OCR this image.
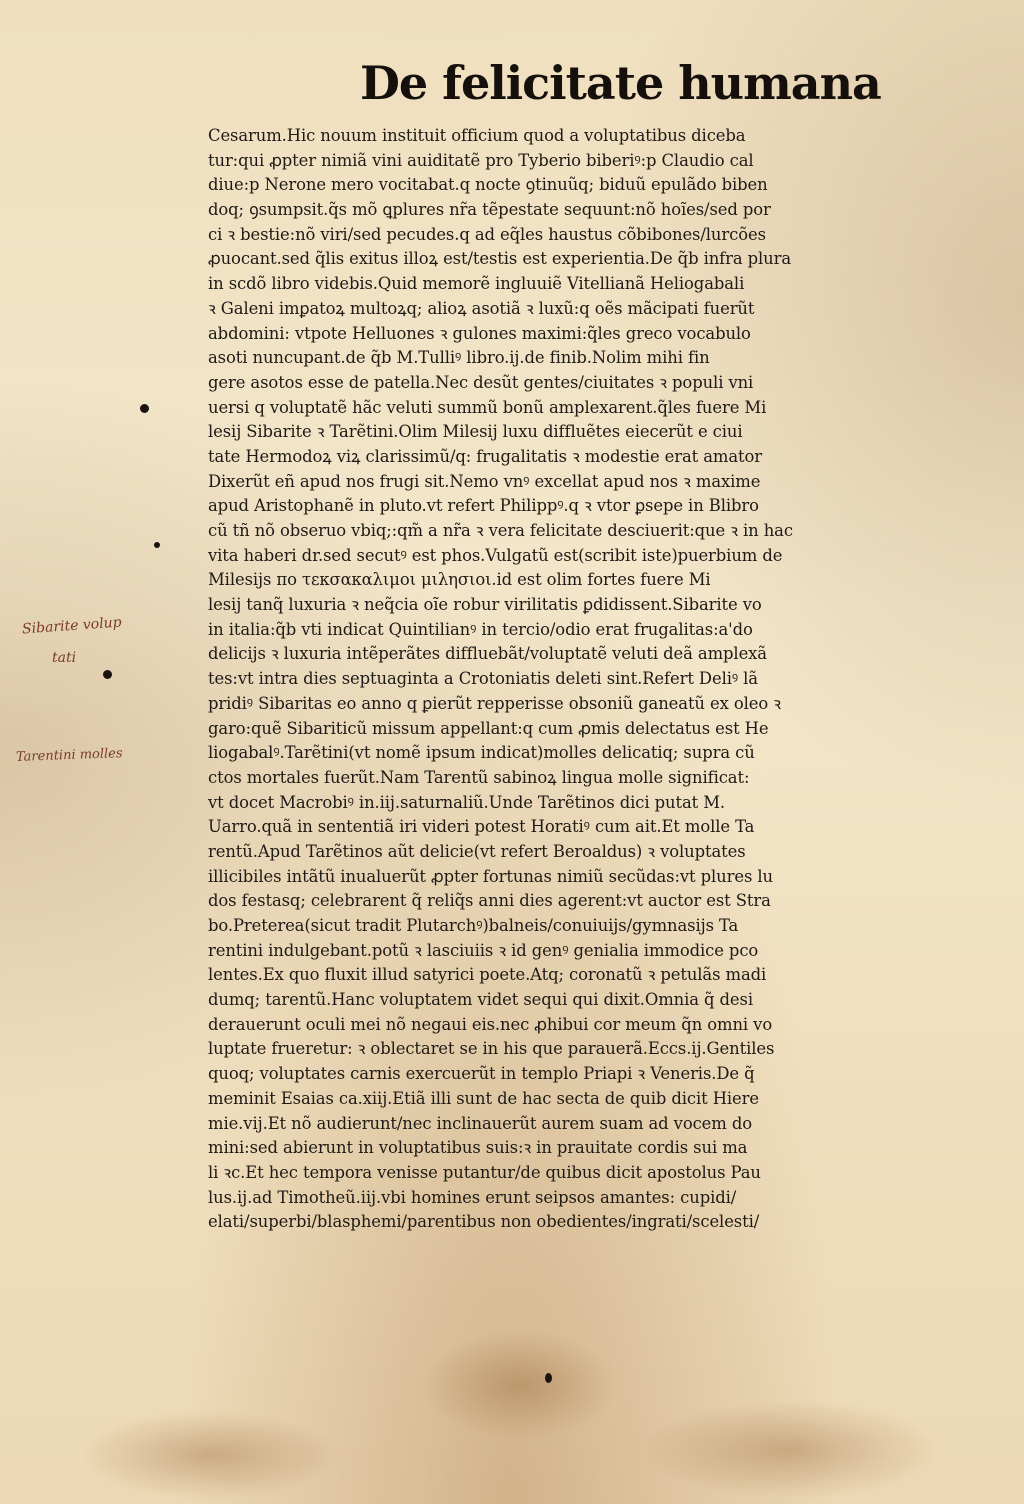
De felicitate humana
Cesarum.Hic nouum instituit officium quod a voluptatibus diceba
tur:qui ꝓpter nimiã vini auiditatẽ pro Tyberio biberiꝰ:p Claudio cal
diue:p Nerone mero vocitabat.q nocte ꝯtinuũq; biduũ epulãdo biben
doq; ꝯsumpsit.q̃s mõ ꝗplures nr̃a tẽpestate sequunt:nõ hoĩes/sed por
ci ꝛ bestie:nõ viri/sed pecudes.q ad eq̃les haustus cõbibones/lurcões
ꝓuocant.sed q̃lis exitus illoꝝ est/testis est experientia.De q̃b infra plura
in scdõ libro videbis.Quid memorẽ ingluuiẽ Vitellianã Heliogabali
ꝛ Galeni imꝑatoꝝ multoꝝq; alioꝝ asotiã ꝛ luxũ:q oẽs mãcipati fuerũt
abdomini: vtpote Helluones ꝛ gulones maximi:q̃les greco vocabulo
asoti nuncupant.de q̃b M.Tulliꝰ libro.ij.de finib.Nolim mihi fin
gere asotos esse de patella.Nec desũt gentes/ciuitates ꝛ populi vni
uersi q voluptatẽ hãc veluti summũ bonũ amplexarent.q̃les fuere Mi
lesij Sibarite ꝛ Tarẽtini.Olim Milesij luxu diffluẽtes eiecerũt e ciui
tate Hermodoꝝ viꝝ clarissimũ/q: frugalitatis ꝛ modestie erat amator
Dixerũt eñ apud nos frugi sit.Nemo vnꝰ excellat apud nos ꝛ maxime
apud Aristophanẽ in pluto.vt refert Philippꝰ.q ꝛ vtor ꝑsepe in Blibro
cũ tñ nõ obseruo vbiq;:qm̃ a nr̃a ꝛ vera felicitate desciuerit:que ꝛ in hac
vita haberi dr.sed secutꝰ est phos.Vulgatũ est(scribit iste)puerbium de
Milesijs πο τεκσακαλιμοι μιλησιοι.id est olim fortes fuere Mi
lesij tanq̃ luxuria ꝛ neq̃cia oĩe robur virilitatis ꝑdidissent.Sibarite vo
in italia:q̃b vti indicat Quintilianꝰ in tercio/odio erat frugalitas:a'do
delicijs ꝛ luxuria intẽperãtes diffluebãt/voluptatẽ veluti deã amplexã
tes:vt intra dies septuaginta a Crotoniatis deleti sint.Refert Deliꝰ lã
pridiꝰ Sibaritas eo anno q ꝑierũt repperisse obsoniũ ganeatũ ex oleo ꝛ
garo:quẽ Sibariticũ missum appellant:q cum ꝓmis delectatus est He
liogabalꝰ.Tarẽtini(vt nomẽ ipsum indicat)molles delicatiq; supra cũ
ctos mortales fuerũt.Nam Tarentũ sabinoꝝ lingua molle significat:
vt docet Macrobiꝰ in.iij.saturnaliũ.Unde Tarẽtinos dici putat M.
Uarro.quã in sententiã iri videri potest Horatiꝰ cum ait.Et molle Ta
rentũ.Apud Tarẽtinos aũt delicie(vt refert Beroaldus) ꝛ voluptates
illicibiles intãtũ inualuerũt ꝓpter fortunas nimiũ secũdas:vt plures lu
dos festasq; celebrarent q̃ reliq̃s anni dies agerent:vt auctor est Stra
bo.Preterea(sicut tradit Plutarchꝰ)balneis/conuiuijs/gymnasijs Ta
rentini indulgebant.potũ ꝛ lasciuiis ꝛ id genꝰ genialia immodice pco
lentes.Ex quo fluxit illud satyrici poete.Atq; coronatũ ꝛ petulãs madi
dumq; tarentũ.Hanc voluptatem videt sequi qui dixit.Omnia q̃ desi
derauerunt oculi mei nõ negaui eis.nec ꝓhibui cor meum q̃n omni vo
luptate frueretur: ꝛ oblectaret se in his que parauerã.Eccs.ij.Gentiles
quoq; voluptates carnis exercuerũt in templo Priapi ꝛ Veneris.De q̃
meminit Esaias ca.xiij.Etiã illi sunt de hac secta de quib dicit Hiere
mie.vij.Et nõ audierunt/nec inclinauerũt aurem suam ad vocem do
mini:sed abierunt in voluptatibus suis:ꝛ in prauitate cordis sui ma
li ꝛc.Et hec tempora venisse putantur/de quibus dicit apostolus Pau
lus.ij.ad Timotheũ.iij.vbi homines erunt seipsos amantes: cupidi/
elati/superbi/blasphemi/parentibus non obedientes/ingrati/scelesti/
Sibarite volup
tati
Tarentini molles
